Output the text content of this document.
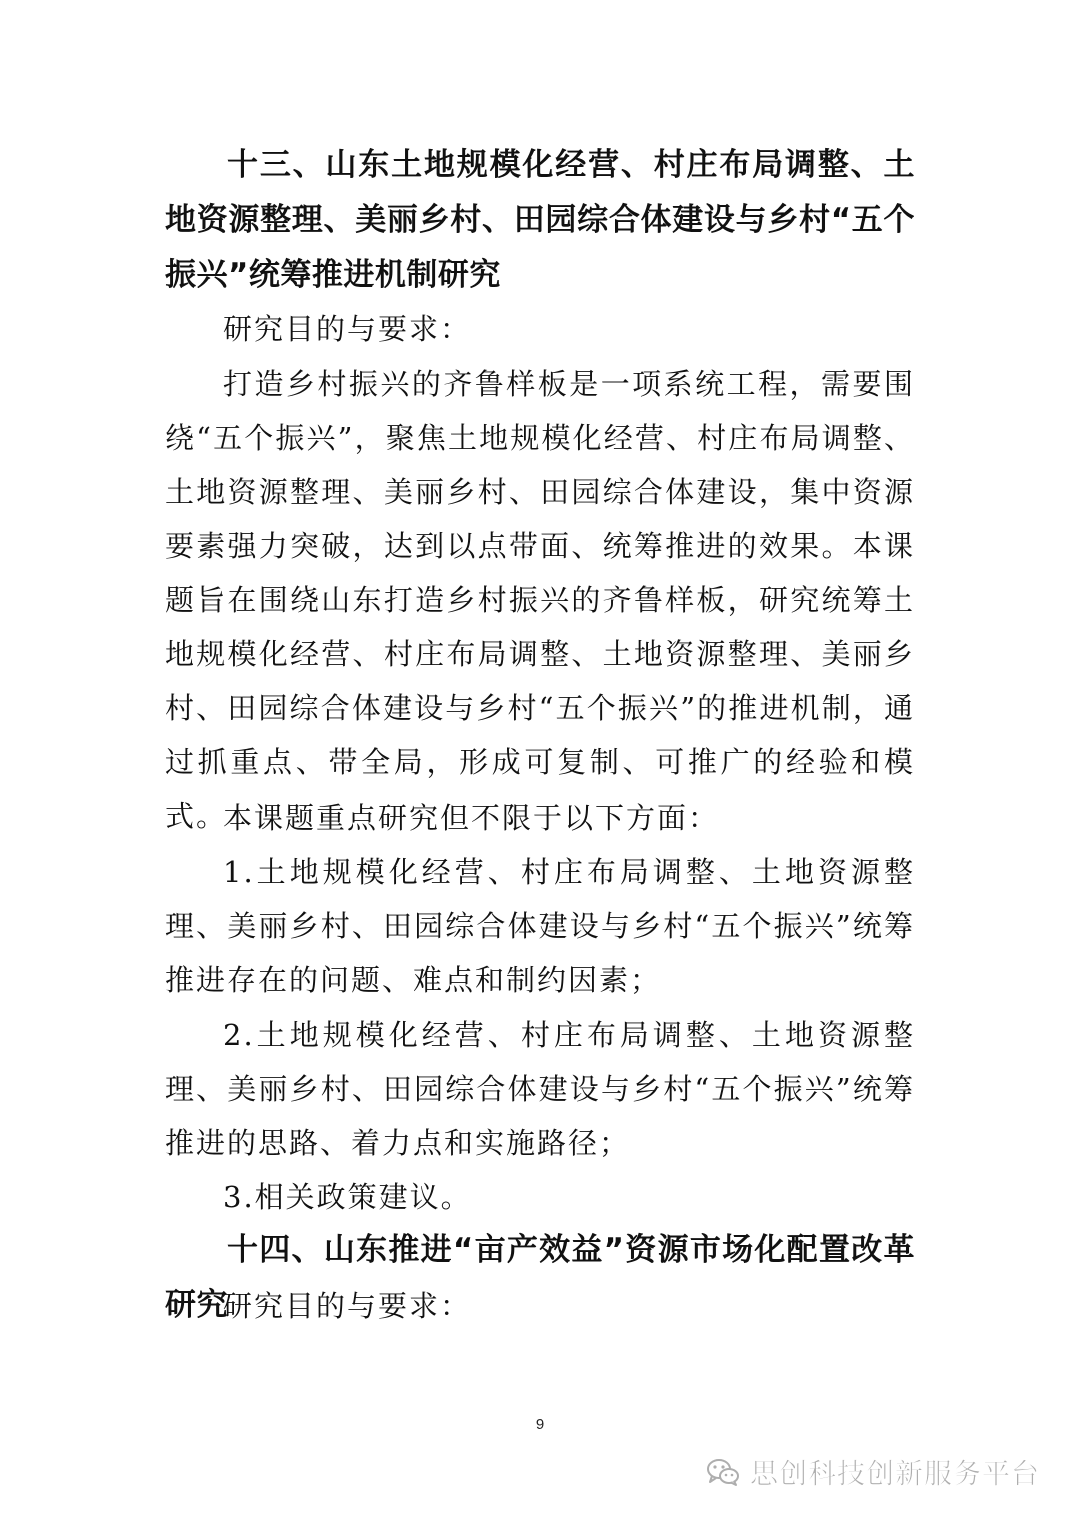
十三、山东土地规模化经营、村庄布局调整、土地资源整理、美丽乡村、田园综合体建设与乡村“五个振兴”统筹推进机制研究

研究目的与要求：

打造乡村振兴的齐鲁样板是一项系统工程，需要围绕“五个振兴”，聚焦土地规模化经营、村庄布局调整、土地资源整理、美丽乡村、田园综合体建设，集中资源要素强力突破，达到以点带面、统筹推进的效果。本课题旨在围绕山东打造乡村振兴的齐鲁样板，研究统筹土地规模化经营、村庄布局调整、土地资源整理、美丽乡村、田园综合体建设与乡村“五个振兴”的推进机制，通过抓重点、带全局，形成可复制、可推广的经验和模式。

本课题重点研究但不限于以下方面：

1.土地规模化经营、村庄布局调整、土地资源整理、美丽乡村、田园综合体建设与乡村“五个振兴”统筹推进存在的问题、难点和制约因素；

2.土地规模化经营、村庄布局调整、土地资源整理、美丽乡村、田园综合体建设与乡村“五个振兴”统筹推进的思路、着力点和实施路径；

3.相关政策建议。

十四、山东推进“亩产效益”资源市场化配置改革研究

研究目的与要求：

9
思创科技创新服务平台
